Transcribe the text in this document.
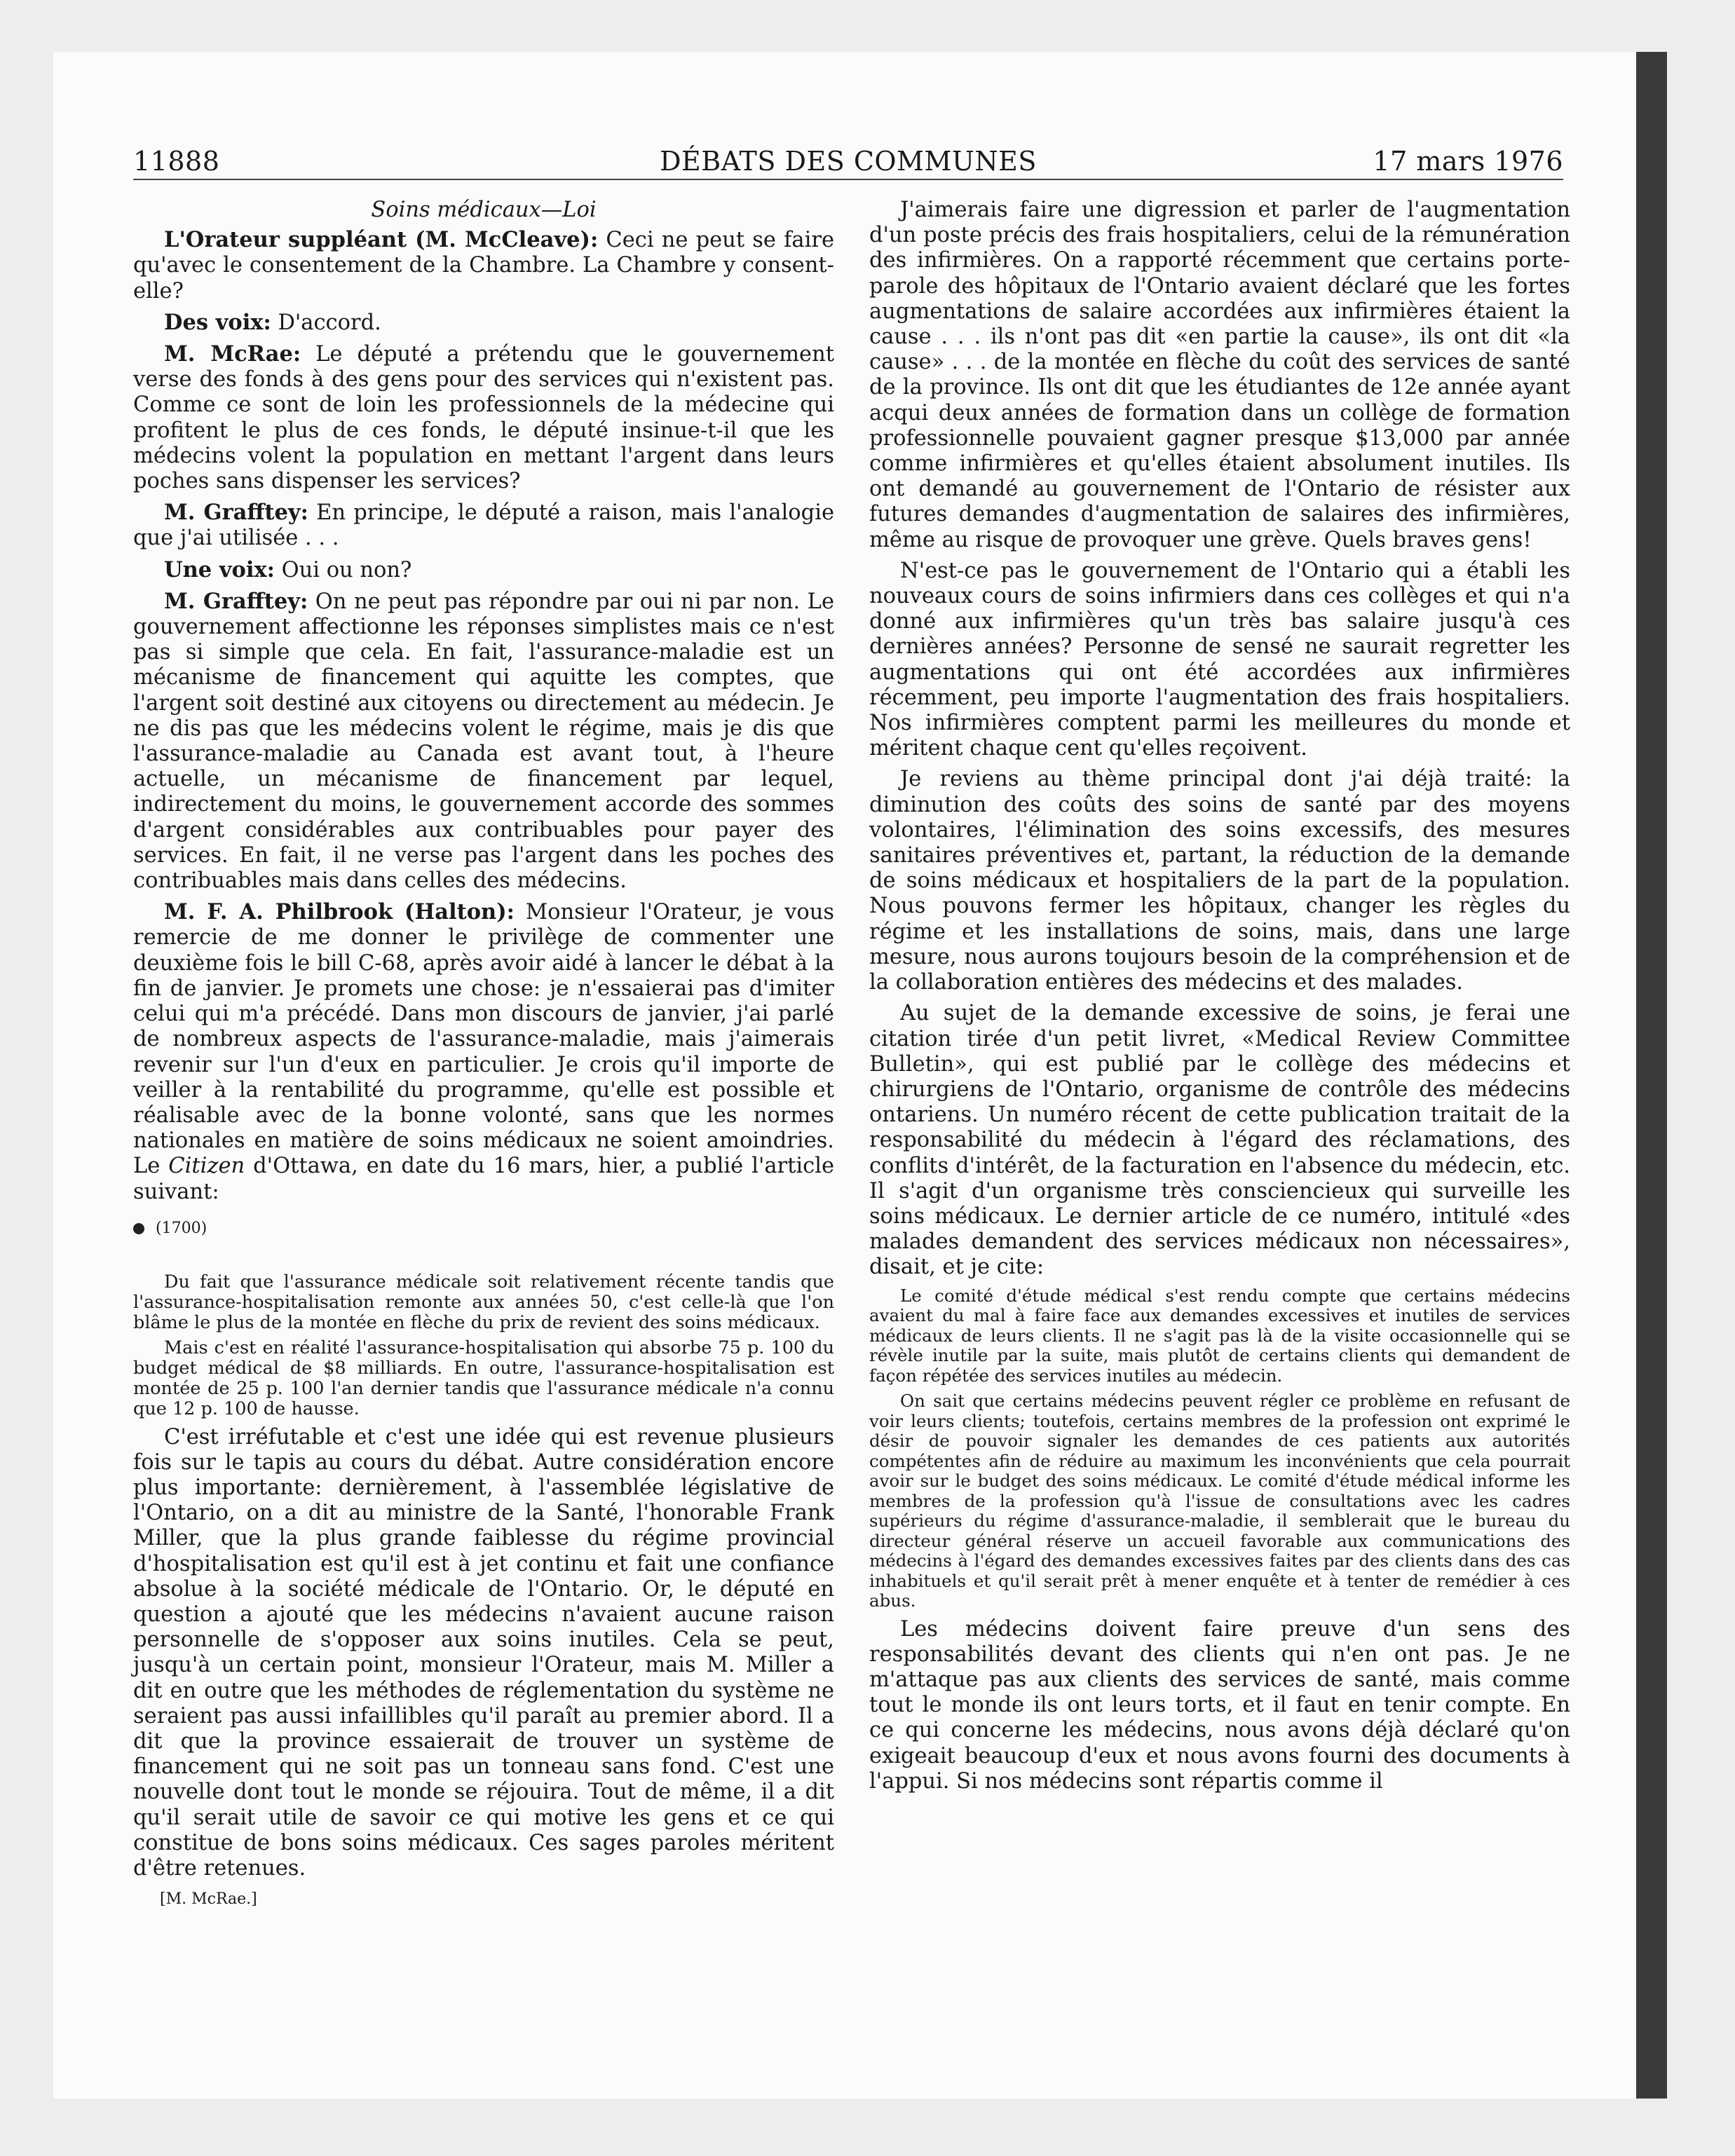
11888	DÉBATS DES COMMUNES	17 mars 1976
Soins médicaux—Loi

L'Orateur suppléant (M. McCleave): Ceci ne peut se faire qu'avec le consentement de la Chambre. La Chambre y consent-elle?

Des voix: D'accord.

M. McRae: Le député a prétendu que le gouvernement verse des fonds à des gens pour des services qui n'existent pas. Comme ce sont de loin les professionnels de la médecine qui profitent le plus de ces fonds, le député insinue-t-il que les médecins volent la population en mettant l'argent dans leurs poches sans dispenser les services?

M. Grafftey: En principe, le député a raison, mais l'analogie que j'ai utilisée . . .

Une voix: Oui ou non?

M. Grafftey: On ne peut pas répondre par oui ni par non. Le gouvernement affectionne les réponses simplistes mais ce n'est pas si simple que cela. En fait, l'assurance-maladie est un mécanisme de financement qui aquitte les comptes, que l'argent soit destiné aux citoyens ou directement au médecin. Je ne dis pas que les médecins volent le régime, mais je dis que l'assurance-maladie au Canada est avant tout, à l'heure actuelle, un mécanisme de financement par lequel, indirectement du moins, le gouvernement accorde des sommes d'argent considérables aux contribuables pour payer des services. En fait, il ne verse pas l'argent dans les poches des contribuables mais dans celles des médecins.

M. F. A. Philbrook (Halton): Monsieur l'Orateur, je vous remercie de me donner le privilège de commenter une deuxième fois le bill C-68, après avoir aidé à lancer le débat à la fin de janvier. Je promets une chose: je n'essaierai pas d'imiter celui qui m'a précédé. Dans mon discours de janvier, j'ai parlé de nombreux aspects de l'assurance-maladie, mais j'aimerais revenir sur l'un d'eux en particulier. Je crois qu'il importe de veiller à la rentabilité du programme, qu'elle est possible et réalisable avec de la bonne volonté, sans que les normes nationales en matière de soins médicaux ne soient amoindries. Le Citizen d'Ottawa, en date du 16 mars, hier, a publié l'article suivant:

(1700)

Du fait que l'assurance médicale soit relativement récente tandis que l'assurance-hospitalisation remonte aux années 50, c'est celle-là que l'on blâme le plus de la montée en flèche du prix de revient des soins médicaux.

Mais c'est en réalité l'assurance-hospitalisation qui absorbe 75 p. 100 du budget médical de $8 milliards. En outre, l'assurance-hospitalisation est montée de 25 p. 100 l'an dernier tandis que l'assurance médicale n'a connu que 12 p. 100 de hausse.

C'est irréfutable et c'est une idée qui est revenue plusieurs fois sur le tapis au cours du débat. Autre considération encore plus importante: dernièrement, à l'assemblée législative de l'Ontario, on a dit au ministre de la Santé, l'honorable Frank Miller, que la plus grande faiblesse du régime provincial d'hospitalisation est qu'il est à jet continu et fait une confiance absolue à la société médicale de l'Ontario. Or, le député en question a ajouté que les médecins n'avaient aucune raison personnelle de s'opposer aux soins inutiles. Cela se peut, jusqu'à un certain point, monsieur l'Orateur, mais M. Miller a dit en outre que les méthodes de réglementation du système ne seraient pas aussi infaillibles qu'il paraît au premier abord. Il a dit que la province essaierait de trouver un système de financement qui ne soit pas un tonneau sans fond. C'est une nouvelle dont tout le monde se réjouira. Tout de même, il a dit qu'il serait utile de savoir ce qui motive les gens et ce qui constitue de bons soins médicaux. Ces sages paroles méritent d'être retenues.

[M. McRae.]

J'aimerais faire une digression et parler de l'augmentation d'un poste précis des frais hospitaliers, celui de la rémunération des infirmières. On a rapporté récemment que certains porte-parole des hôpitaux de l'Ontario avaient déclaré que les fortes augmentations de salaire accordées aux infirmières étaient la cause . . . ils n'ont pas dit «en partie la cause», ils ont dit «la cause» . . . de la montée en flèche du coût des services de santé de la province. Ils ont dit que les étudiantes de 12e année ayant acqui deux années de formation dans un collège de formation professionnelle pouvaient gagner presque $13,000 par année comme infirmières et qu'elles étaient absolument inutiles. Ils ont demandé au gouvernement de l'Ontario de résister aux futures demandes d'augmentation de salaires des infirmières, même au risque de provoquer une grève. Quels braves gens!

N'est-ce pas le gouvernement de l'Ontario qui a établi les nouveaux cours de soins infirmiers dans ces collèges et qui n'a donné aux infirmières qu'un très bas salaire jusqu'à ces dernières années? Personne de sensé ne saurait regretter les augmentations qui ont été accordées aux infirmières récemment, peu importe l'augmentation des frais hospitaliers. Nos infirmières comptent parmi les meilleures du monde et méritent chaque cent qu'elles reçoivent.

Je reviens au thème principal dont j'ai déjà traité: la diminution des coûts des soins de santé par des moyens volontaires, l'élimination des soins excessifs, des mesures sanitaires préventives et, partant, la réduction de la demande de soins médicaux et hospitaliers de la part de la population. Nous pouvons fermer les hôpitaux, changer les règles du régime et les installations de soins, mais, dans une large mesure, nous aurons toujours besoin de la compréhension et de la collaboration entières des médecins et des malades.

Au sujet de la demande excessive de soins, je ferai une citation tirée d'un petit livret, «Medical Review Committee Bulletin», qui est publié par le collège des médecins et chirurgiens de l'Ontario, organisme de contrôle des médecins ontariens. Un numéro récent de cette publication traitait de la responsabilité du médecin à l'égard des réclamations, des conflits d'intérêt, de la facturation en l'absence du médecin, etc. Il s'agit d'un organisme très consciencieux qui surveille les soins médicaux. Le dernier article de ce numéro, intitulé «des malades demandent des services médicaux non nécessaires», disait, et je cite:

Le comité d'étude médical s'est rendu compte que certains médecins avaient du mal à faire face aux demandes excessives et inutiles de services médicaux de leurs clients. Il ne s'agit pas là de la visite occasionnelle qui se révèle inutile par la suite, mais plutôt de certains clients qui demandent de façon répétée des services inutiles au médecin.

On sait que certains médecins peuvent régler ce problème en refusant de voir leurs clients; toutefois, certains membres de la profession ont exprimé le désir de pouvoir signaler les demandes de ces patients aux autorités compétentes afin de réduire au maximum les inconvénients que cela pourrait avoir sur le budget des soins médicaux. Le comité d'étude médical informe les membres de la profession qu'à l'issue de consultations avec les cadres supérieurs du régime d'assurance-maladie, il semblerait que le bureau du directeur général réserve un accueil favorable aux communications des médecins à l'égard des demandes excessives faites par des clients dans des cas inhabituels et qu'il serait prêt à mener enquête et à tenter de remédier à ces abus.

Les médecins doivent faire preuve d'un sens des responsabilités devant des clients qui n'en ont pas. Je ne m'attaque pas aux clients des services de santé, mais comme tout le monde ils ont leurs torts, et il faut en tenir compte. En ce qui concerne les médecins, nous avons déjà déclaré qu'on exigeait beaucoup d'eux et nous avons fourni des documents à l'appui. Si nos médecins sont répartis comme il
